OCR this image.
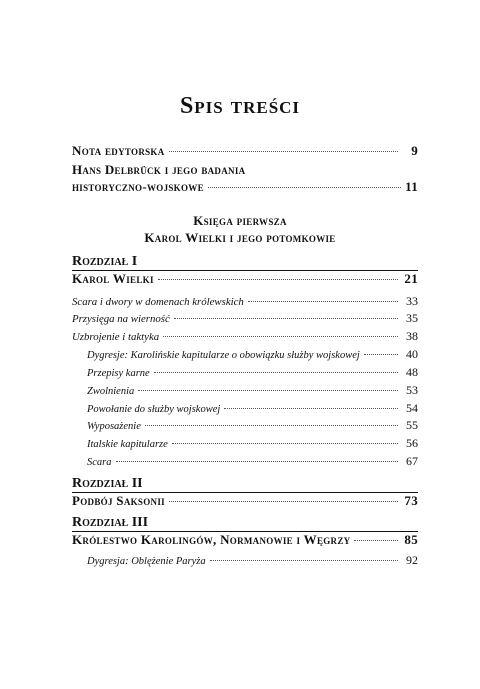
Spis treści
Nota edytorska	9
Hans Delbrück i jego badania
historyczno-wojskowe	11
Księga pierwsza
Karol Wielki i jego potomkowie
Rozdział I
Karol Wielki	21
Scara i dwory w domenach królewskich	33
Przysięga na wierność	35
Uzbrojenie i taktyka	38
Dygresje: Karolińskie kapitularze o obowiązku służby wojskowej	40
Przepisy karne	48
Zwolnienia	53
Powołanie do służby wojskowej	54
Wyposażenie	55
Italskie kapitularze	56
Scara	67
Rozdział II
Podbój Saksonii	73
Rozdział III
Królestwo Karolingów, Normanowie i Węgrzy	85
Dygresja: Oblężenie Paryża	92
